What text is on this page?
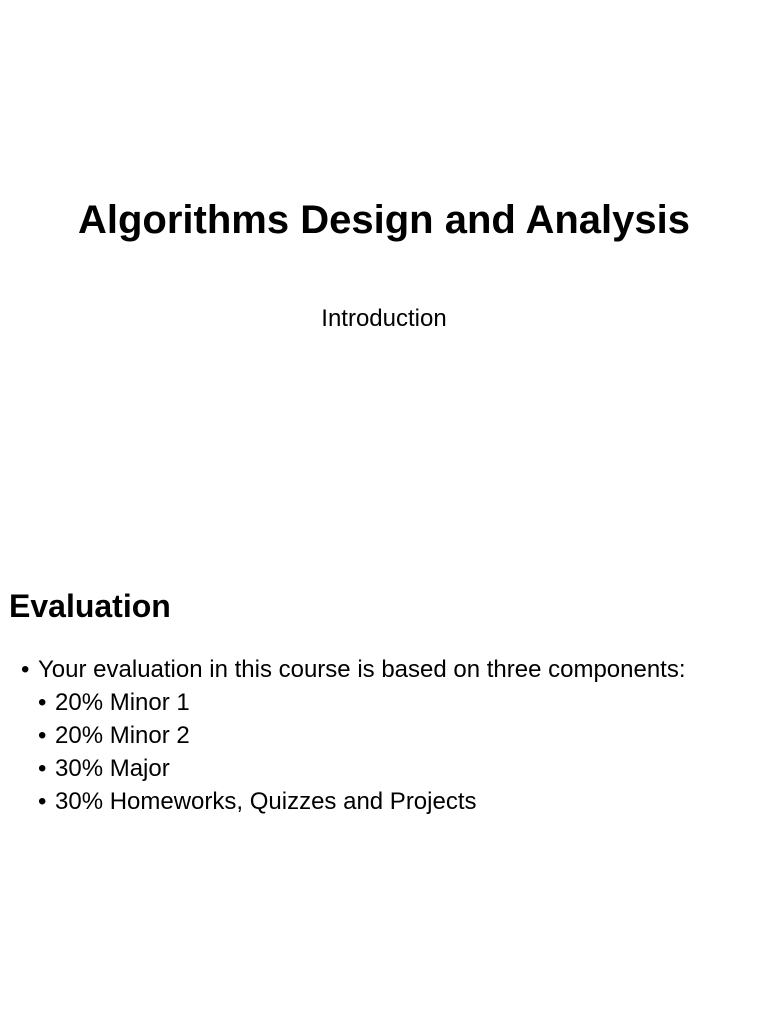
Algorithms Design and Analysis
Introduction
Evaluation
• Your evaluation in this course is based on three components:
• 20% Minor 1
• 20% Minor 2
• 30% Major
• 30% Homeworks, Quizzes and Projects
